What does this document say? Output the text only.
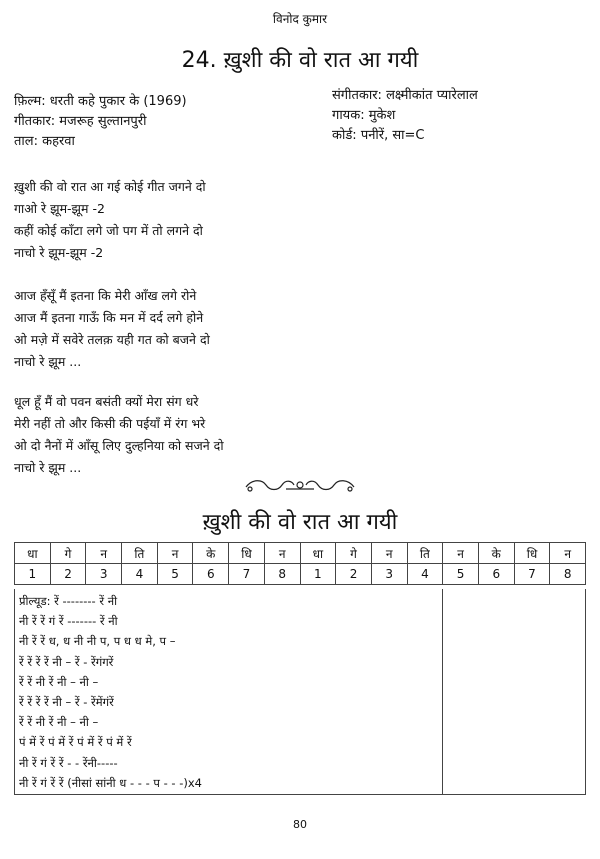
विनोद कुमार
24. ख़ुशी की वो रात आ गयी
फ़िल्म: धरती कहे पुकार के (1969)
गीतकार: मजरूह सुल्तानपुरी
ताल: कहरवा
संगीतकार: लक्ष्मीकांत प्यारेलाल
गायक: मुकेश
कोर्ड: पनीरें, सा=C
ख़ुशी की वो रात आ गई कोई गीत जगने दो
गाओ रे झूम-झूम -2
कहीं कोई काँटा लगे जो पग में तो लगने दो
नाचो रे झूम-झूम -2
आज हँसूँ मैं इतना कि मेरी आँख लगे रोने
आज मैं इतना गाऊँ कि मन में दर्द लगे होने
ओ मज़े में सवेरे तलक़ यही गत को बजने दो
नाचो रे झूम ...
धूल हूँ मैं वो पवन बसंती क्यों मेरा संग धरे
मेरी नहीं तो और किसी की पईयाँ में रंग भरे
ओ दो नैनों में आँसू लिए दुल्हनिया को सजने दो
नाचो रे झूम ...
ख़ुशी की वो रात आ गयी
धा	गे	न	ति	न	के	धि	न	धा	गे	न	ति	न	के	धि	न
1	2	3	4	5	6	7	8	1	2	3	4	5	6	7	8
प्रील्यूड: रें -------- रें नी
नी रें रें गं रें ------- रें नी
नी रें रें ध, ध नी नी प, प ध ध मे, प –
रें रें रें रें नी – रें - रेंगंगरें
रें रें नी रें नी – नी –
रें रें रें रें नी – रें - रेंमेंगंरें
रें रें नी रें नी – नी –
पं में रें पं में रें पं में रें पं में रें
नी रें गं रें रें - - रेंनी-----
नी रें गं रें रें (नीसां सांनी ध - - - प - - -)x4
80
